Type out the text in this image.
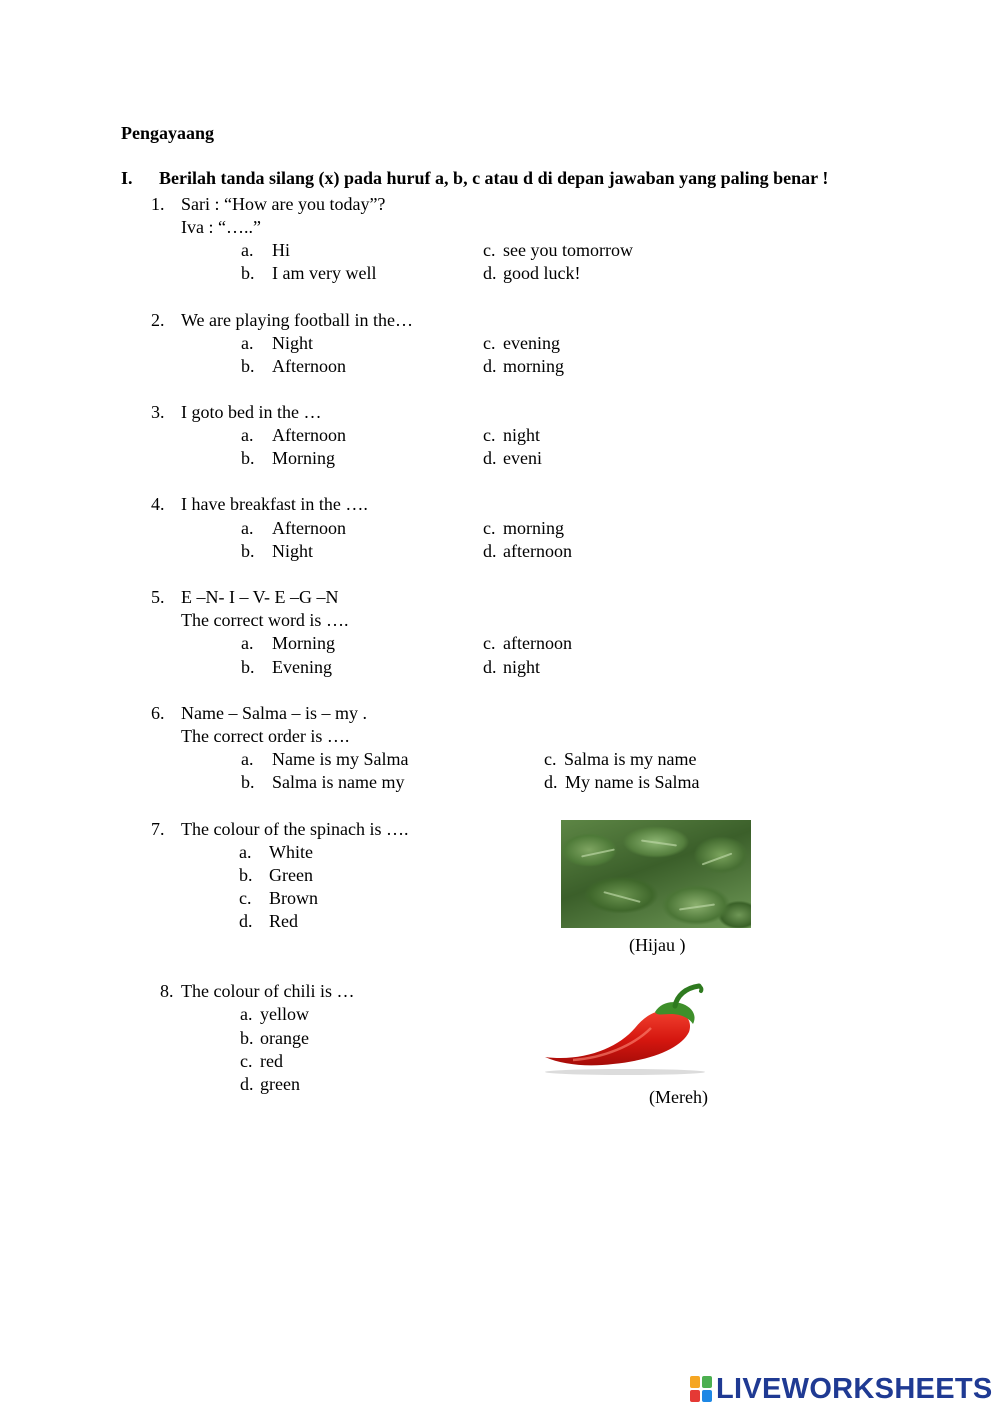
Pengayaang
I. Berilah tanda silang (x) pada huruf a, b, c atau d di depan jawaban yang paling benar !
1. Sari : “How are you today”?
Iva : “…..”
a. Hi
b. I am very well
c. see you tomorrow
d. good luck!
2. We are playing football in the…
a. Night
b. Afternoon
c. evening
d. morning
3. I goto bed in the …
a. Afternoon
b. Morning
c. night
d. eveni
4. I have breakfast in the ….
a. Afternoon
b. Night
c. morning
d. afternoon
5. E –N- I – V- E –G –N
The correct word is ….
a. Morning
b. Evening
c. afternoon
d. night
6. Name – Salma – is – my .
The correct order is ….
a. Name is my Salma
b. Salma is name my
c. Salma is my name
d. My name is Salma
7. The colour of the spinach is ….
a. White
b. Green
c. Brown
d. Red
(Hijau )
8. The colour of chili is …
a. yellow
b. orange
c. red
d. green
(Mereh)
LIVEWORKSHEETS
